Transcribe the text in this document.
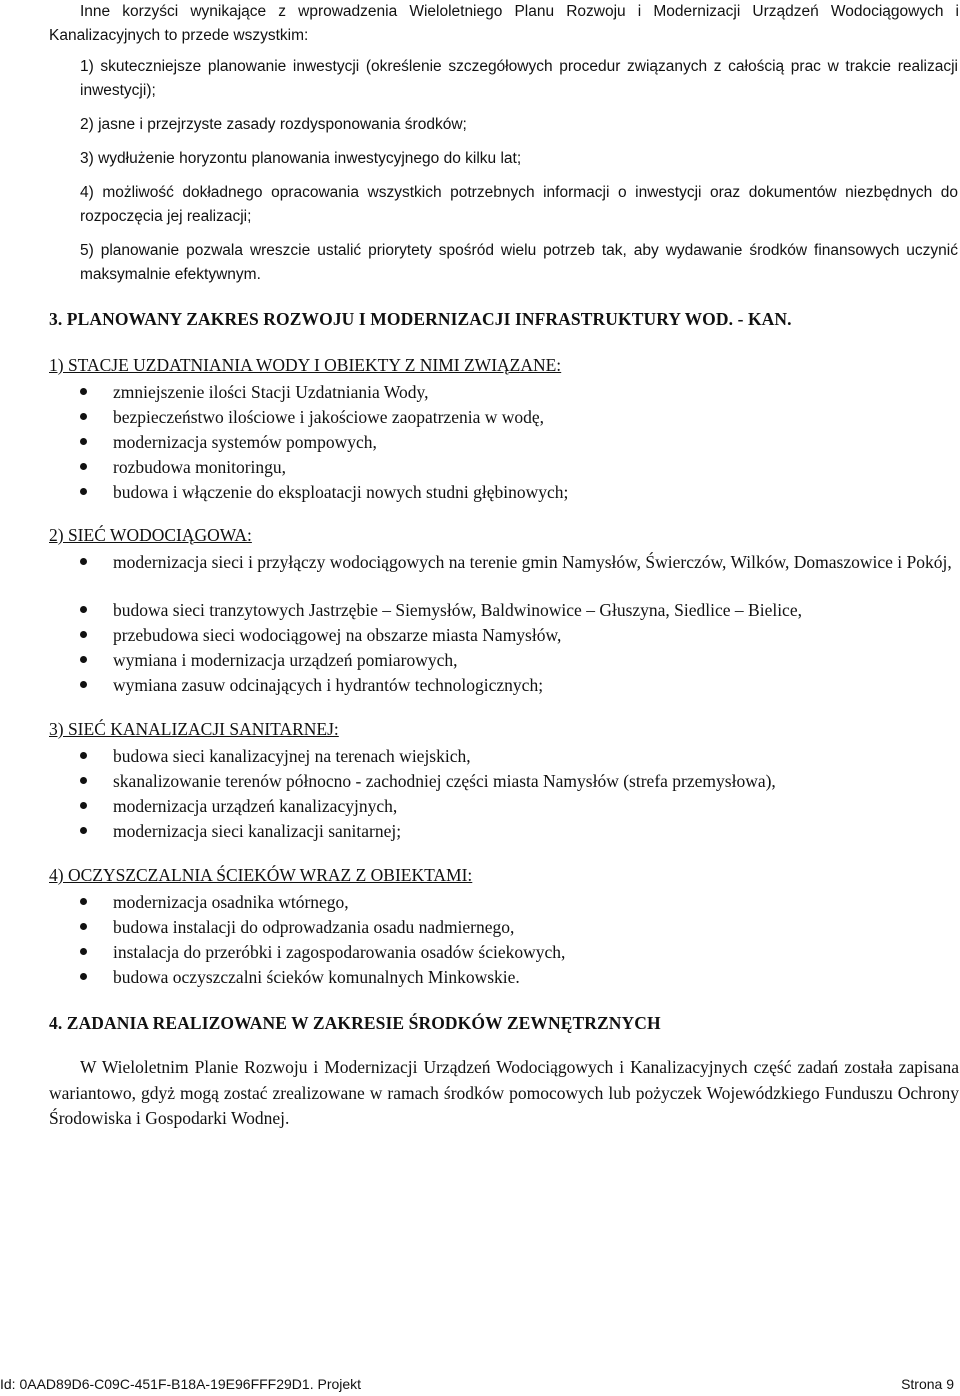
Inne korzyści wynikające z wprowadzenia Wieloletniego Planu Rozwoju i Modernizacji Urządzeń Wodociągowych i Kanalizacyjnych to przede wszystkim:
1) skuteczniejsze planowanie inwestycji (określenie szczegółowych procedur związanych z całością prac w trakcie realizacji inwestycji);
2) jasne i przejrzyste zasady rozdysponowania środków;
3) wydłużenie horyzontu planowania inwestycyjnego do kilku lat;
4) możliwość dokładnego opracowania wszystkich potrzebnych informacji o inwestycji oraz dokumentów niezbędnych do rozpoczęcia jej realizacji;
5) planowanie pozwala wreszcie ustalić priorytety spośród wielu potrzeb tak, aby wydawanie środków finansowych uczynić maksymalnie efektywnym.
3. PLANOWANY ZAKRES ROZWOJU I MODERNIZACJI INFRASTRUKTURY WOD. - KAN.
1) STACJE UZDATNIANIA WODY I OBIEKTY Z NIMI ZWIĄZANE:
zmniejszenie ilości Stacji Uzdatniania Wody,
bezpieczeństwo ilościowe i jakościowe zaopatrzenia w wodę,
modernizacja systemów pompowych,
rozbudowa monitoringu,
budowa i włączenie do eksploatacji nowych studni głębinowych;
2) SIEĆ WODOCIĄGOWA:
modernizacja sieci i przyłączy wodociągowych na terenie gmin Namysłów, Świerczów, Wilków, Domaszowice i Pokój,
budowa sieci tranzytowych Jastrzębie – Siemysłów, Baldwinowice – Głuszyna, Siedlice – Bielice,
przebudowa sieci wodociągowej na obszarze miasta Namysłów,
wymiana i modernizacja urządzeń pomiarowych,
wymiana zasuw odcinających i hydrantów technologicznych;
3) SIEĆ KANALIZACJI SANITARNEJ:
budowa sieci kanalizacyjnej na terenach wiejskich,
skanalizowanie terenów północno - zachodniej części miasta Namysłów (strefa przemysłowa),
modernizacja urządzeń kanalizacyjnych,
modernizacja sieci kanalizacji sanitarnej;
4) OCZYSZCZALNIA ŚCIEKÓW WRAZ Z OBIEKTAMI:
modernizacja osadnika wtórnego,
budowa instalacji do odprowadzania osadu nadmiernego,
instalacja do przeróbki i zagospodarowania osadów ściekowych,
budowa oczyszczalni ścieków komunalnych Minkowskie.
4. ZADANIA REALIZOWANE W ZAKRESIE ŚRODKÓW ZEWNĘTRZNYCH
W Wieloletnim Planie Rozwoju i Modernizacji Urządzeń Wodociągowych i Kanalizacyjnych część zadań została zapisana wariantowo, gdyż mogą zostać zrealizowane w ramach środków pomocowych lub pożyczek Wojewódzkiego Funduszu Ochrony Środowiska i Gospodarki Wodnej.
Id: 0AAD89D6-C09C-451F-B18A-19E96FFF29D1. Projekt	Strona 9
